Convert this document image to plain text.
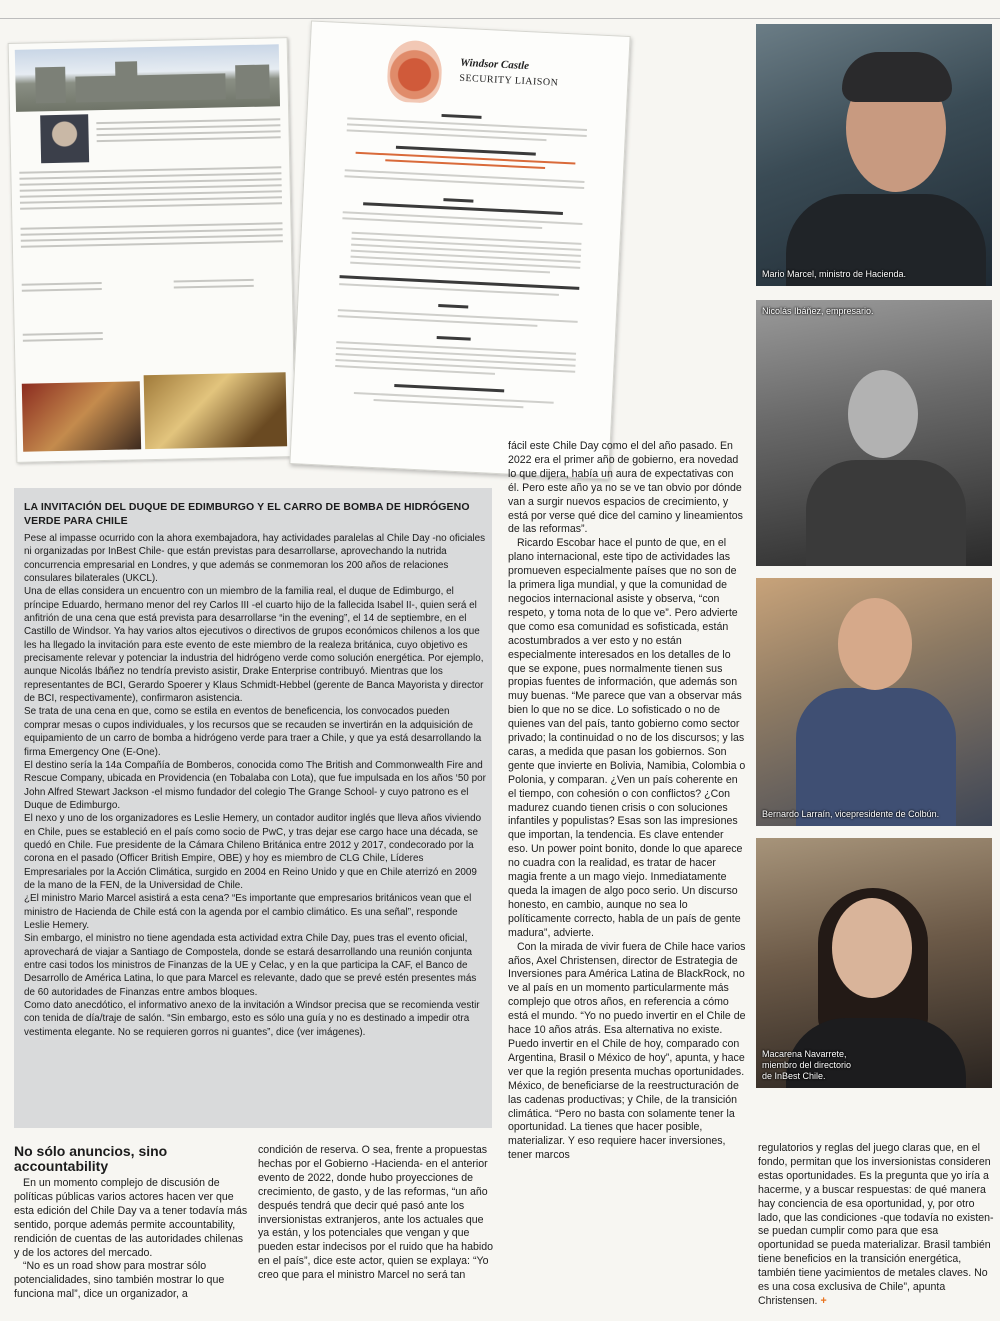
Windsor Castle
SECURITY LIAISON
Mario Marcel, ministro de Hacienda.
Nicolás Ibáñez, empresario.
Bernardo Larraín, vicepresidente de Colbún.
Macarena Navarrete,
miembro del directorio
de InBest Chile.
LA INVITACIÓN DEL DUQUE DE EDIMBURGO Y EL CARRO DE BOMBA DE HIDRÓGENO VERDE PARA CHILE

Pese al impasse ocurrido con la ahora exembajadora, hay actividades paralelas al Chile Day -no oficiales ni organizadas por InBest Chile- que están previstas para desarrollarse, aprovechando la nutrida concurrencia empresarial en Londres, y que además se conmemoran los 200 años de relaciones consulares bilaterales (UKCL).

Una de ellas considera un encuentro con un miembro de la familia real, el duque de Edimburgo, el príncipe Eduardo, hermano menor del rey Carlos III -el cuarto hijo de la fallecida Isabel II-, quien será el anfitrión de una cena que está prevista para desarrollarse “in the evening”, el 14 de septiembre, en el Castillo de Windsor. Ya hay varios altos ejecutivos o directivos de grupos económicos chilenos a los que les ha llegado la invitación para este evento de este miembro de la realeza británica, cuyo objetivo es precisamente relevar y potenciar la industria del hidrógeno verde como solución energética. Por ejemplo, aunque Nicolás Ibáñez no tendría previsto asistir, Drake Enterprise contribuyó. Mientras que los representantes de BCI, Gerardo Spoerer y Klaus Schmidt-Hebbel (gerente de Banca Mayorista y director de BCI, respectivamente), confirmaron asistencia.

Se trata de una cena en que, como se estila en eventos de beneficencia, los convocados pueden comprar mesas o cupos individuales, y los recursos que se recauden se invertirán en la adquisición de equipamiento de un carro de bomba a hidrógeno verde para traer a Chile, y que ya está desarrollando la firma Emergency One (E-One).

El destino sería la 14a Compañía de Bomberos, conocida como The British and Commonwealth Fire and Rescue Company, ubicada en Providencia (en Tobalaba con Lota), que fue impulsada en los años ‘50 por John Alfred Stewart Jackson -el mismo fundador del colegio The Grange School- y cuyo patrono es el Duque de Edimburgo.

El nexo y uno de los organizadores es Leslie Hemery, un contador auditor inglés que lleva años viviendo en Chile, pues se estableció en el país como socio de PwC, y tras dejar ese cargo hace una década, se quedó en Chile. Fue presidente de la Cámara Chileno Británica entre 2012 y 2017, condecorado por la corona en el pasado (Officer British Empire, OBE) y hoy es miembro de CLG Chile, Líderes Empresariales por la Acción Climática, surgido en 2004 en Reino Unido y que en Chile aterrizó en 2009 de la mano de la FEN, de la Universidad de Chile.

¿El ministro Mario Marcel asistirá a esta cena? “Es importante que empresarios británicos vean que el ministro de Hacienda de Chile está con la agenda por el cambio climático. Es una señal”, responde Leslie Hemery.

Sin embargo, el ministro no tiene agendada esta actividad extra Chile Day, pues tras el evento oficial, aprovechará de viajar a Santiago de Compostela, donde se estará desarrollando una reunión conjunta entre casi todos los ministros de Finanzas de la UE y Celac, y en la que participa la CAF, el Banco de Desarrollo de América Latina, lo que para Marcel es relevante, dado que se prevé estén presentes más de 60 autoridades de Finanzas entre ambos bloques.

Como dato anecdótico, el informativo anexo de la invitación a Windsor precisa que se recomienda vestir con tenida de día/traje de salón. “Sin embargo, esto es sólo una guía y no es destinado a impedir otra vestimenta elegante. No se requieren gorros ni guantes”, dice (ver imágenes).

fácil este Chile Day como el del año pasado. En 2022 era el primer año de gobierno, era novedad lo que dijera, había un aura de expectativas con él. Pero este año ya no se ve tan obvio por dónde van a surgir nuevos espacios de crecimiento, y está por verse qué dice del camino y lineamientos de las reformas”.

Ricardo Escobar hace el punto de que, en el plano internacional, este tipo de actividades las promueven especialmente países que no son de la primera liga mundial, y que la comunidad de negocios internacional asiste y observa, “con respeto, y toma nota de lo que ve”. Pero advierte que como esa comunidad es sofisticada, están acostumbrados a ver esto y no están especialmente interesados en los detalles de lo que se expone, pues normalmente tienen sus propias fuentes de información, que además son muy buenas. “Me parece que van a observar más bien lo que no se dice. Lo sofisticado o no de quienes van del país, tanto gobierno como sector privado; la continuidad o no de los discursos; y las caras, a medida que pasan los gobiernos. Son gente que invierte en Bolivia, Namibia, Colombia o Polonia, y comparan. ¿Ven un país coherente en el tiempo, con cohesión o con conflictos? ¿Con madurez cuando tienen crisis o con soluciones infantiles y populistas? Esas son las impresiones que importan, la tendencia. Es clave entender eso. Un power point bonito, donde lo que aparece no cuadra con la realidad, es tratar de hacer magia frente a un mago viejo. Inmediatamente queda la imagen de algo poco serio. Un discurso honesto, en cambio, aunque no sea lo políticamente correcto, habla de un país de gente madura”, advierte.

Con la mirada de vivir fuera de Chile hace varios años, Axel Christensen, director de Estrategia de Inversiones para América Latina de BlackRock, no ve al país en un momento particularmente más complejo que otros años, en referencia a cómo está el mundo. “Yo no puedo invertir en el Chile de hace 10 años atrás. Esa alternativa no existe. Puedo invertir en el Chile de hoy, comparado con Argentina, Brasil o México de hoy”, apunta, y hace ver que la región presenta muchas oportunidades. México, de beneficiarse de la reestructuración de las cadenas productivas; y Chile, de la transición climática. “Pero no basta con solamente tener la oportunidad. La tienes que hacer posible, materializar. Y eso requiere hacer inversiones, tener marcos

No sólo anuncios, sino accountability

En un momento complejo de discusión de políticas públicas varios actores hacen ver que esta edición del Chile Day va a tener todavía más sentido, porque además permite accountability, rendición de cuentas de las autoridades chilenas y de los actores del mercado.

“No es un road show para mostrar sólo potencialidades, sino también mostrar lo que funciona mal”, dice un organizador, a

condición de reserva. O sea, frente a propuestas hechas por el Gobierno -Hacienda- en el anterior evento de 2022, donde hubo proyecciones de crecimiento, de gasto, y de las reformas, “un año después tendrá que decir qué pasó ante los inversionistas extranjeros, ante los actuales que ya están, y los potenciales que vengan y que pueden estar indecisos por el ruido que ha habido en el país”, dice este actor, quien se explaya: “Yo creo que para el ministro Marcel no será tan

regulatorios y reglas del juego claras que, en el fondo, permitan que los inversionistas consideren estas oportunidades. Es la pregunta que yo iría a hacerme, y a buscar respuestas: de qué manera hay conciencia de esa oportunidad, y, por otro lado, que las condiciones -que todavía no existen- se puedan cumplir como para que esa oportunidad se pueda materializar. Brasil también tiene beneficios en la transición energética, también tiene yacimientos de metales claves. No es una cosa exclusiva de Chile”, apunta Christensen. +
